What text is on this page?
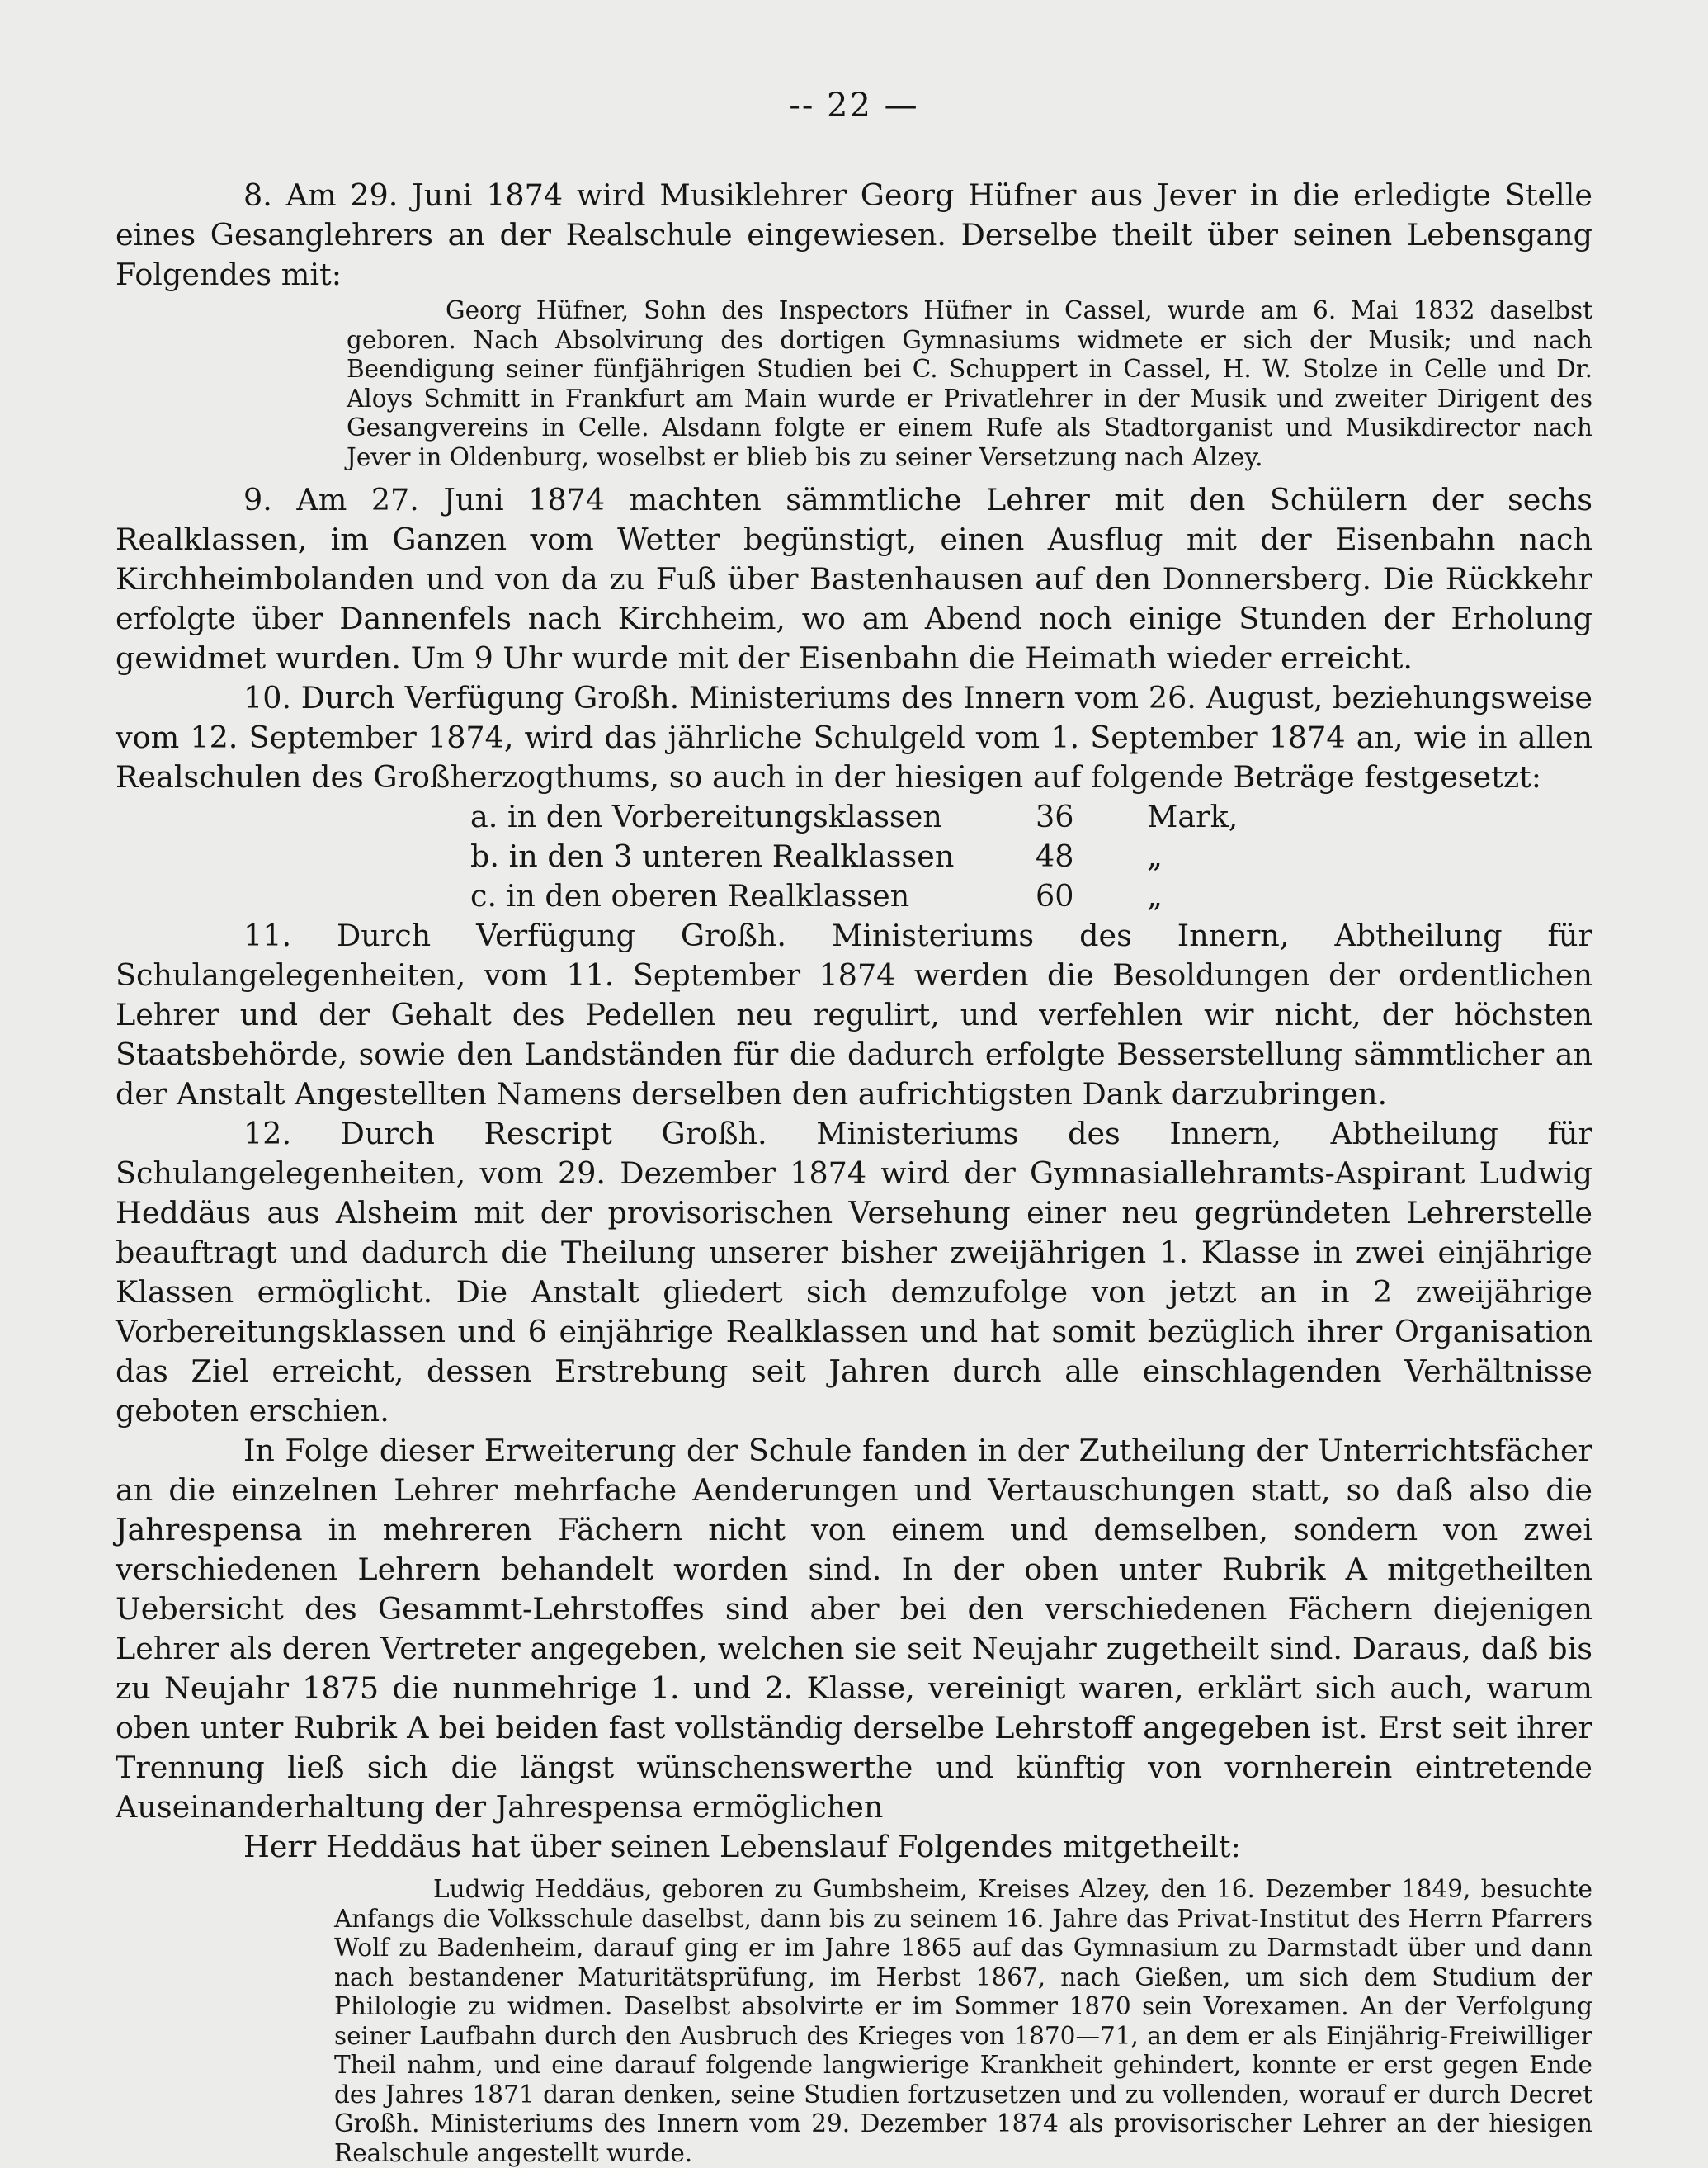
-- 22 —

8. Am 29. Juni 1874 wird Musiklehrer Georg Hüfner aus Jever in die erledigte Stelle eines Gesanglehrers an der Realschule eingewiesen. Derselbe theilt über seinen Lebensgang Folgendes mit:

Georg Hüfner, Sohn des Inspectors Hüfner in Cassel, wurde am 6. Mai 1832 daselbst geboren. Nach Absolvirung des dortigen Gymnasiums widmete er sich der Musik; und nach Beendigung seiner fünfjährigen Studien bei C. Schuppert in Cassel, H. W. Stolze in Celle und Dr. Aloys Schmitt in Frankfurt am Main wurde er Privatlehrer in der Musik und zweiter Dirigent des Gesangvereins in Celle. Alsdann folgte er einem Rufe als Stadtorganist und Musikdirector nach Jever in Oldenburg, woselbst er blieb bis zu seiner Versetzung nach Alzey.

9. Am 27. Juni 1874 machten sämmtliche Lehrer mit den Schülern der sechs Realklassen, im Ganzen vom Wetter begünstigt, einen Ausflug mit der Eisenbahn nach Kirchheimbolanden und von da zu Fuß über Bastenhausen auf den Donnersberg. Die Rückkehr erfolgte über Dannenfels nach Kirchheim, wo am Abend noch einige Stunden der Erholung gewidmet wurden. Um 9 Uhr wurde mit der Eisenbahn die Heimath wieder erreicht.

10. Durch Verfügung Großh. Ministeriums des Innern vom 26. August, beziehungsweise vom 12. September 1874, wird das jährliche Schulgeld vom 1. September 1874 an, wie in allen Realschulen des Großherzogthums, so auch in der hiesigen auf folgende Beträge festgesetzt:

a. in den Vorbereitungsklassen	36	Mark,
b. in den 3 unteren Realklassen	48	„
c. in den oberen Realklassen	60	„

11. Durch Verfügung Großh. Ministeriums des Innern, Abtheilung für Schulangelegenheiten, vom 11. September 1874 werden die Besoldungen der ordentlichen Lehrer und der Gehalt des Pedellen neu regulirt, und verfehlen wir nicht, der höchsten Staatsbehörde, sowie den Landständen für die dadurch erfolgte Besserstellung sämmtlicher an der Anstalt Angestellten Namens derselben den aufrichtigsten Dank darzubringen.

12. Durch Rescript Großh. Ministeriums des Innern, Abtheilung für Schulangelegenheiten, vom 29. Dezember 1874 wird der Gymnasiallehramts-Aspirant Ludwig Heddäus aus Alsheim mit der provisorischen Versehung einer neu gegründeten Lehrerstelle beauftragt und dadurch die Theilung unserer bisher zweijährigen 1. Klasse in zwei einjährige Klassen ermöglicht. Die Anstalt gliedert sich demzufolge von jetzt an in 2 zweijährige Vorbereitungsklassen und 6 einjährige Realklassen und hat somit bezüglich ihrer Organisation das Ziel erreicht, dessen Erstrebung seit Jahren durch alle einschlagenden Verhältnisse geboten erschien.

In Folge dieser Erweiterung der Schule fanden in der Zutheilung der Unterrichtsfächer an die einzelnen Lehrer mehrfache Aenderungen und Vertauschungen statt, so daß also die Jahrespensa in mehreren Fächern nicht von einem und demselben, sondern von zwei verschiedenen Lehrern behandelt worden sind. In der oben unter Rubrik A mitgetheilten Uebersicht des Gesammt-Lehrstoffes sind aber bei den verschiedenen Fächern diejenigen Lehrer als deren Vertreter angegeben, welchen sie seit Neujahr zugetheilt sind. Daraus, daß bis zu Neujahr 1875 die nunmehrige 1. und 2. Klasse, vereinigt waren, erklärt sich auch, warum oben unter Rubrik A bei beiden fast vollständig derselbe Lehrstoff angegeben ist. Erst seit ihrer Trennung ließ sich die längst wünschenswerthe und künftig von vornherein eintretende Auseinanderhaltung der Jahrespensa ermöglichen

Herr Heddäus hat über seinen Lebenslauf Folgendes mitgetheilt:

Ludwig Heddäus, geboren zu Gumbsheim, Kreises Alzey, den 16. Dezember 1849, besuchte Anfangs die Volksschule daselbst, dann bis zu seinem 16. Jahre das Privat-Institut des Herrn Pfarrers Wolf zu Badenheim, darauf ging er im Jahre 1865 auf das Gymnasium zu Darmstadt über und dann nach bestandener Maturitätsprüfung, im Herbst 1867, nach Gießen, um sich dem Studium der Philologie zu widmen. Daselbst absolvirte er im Sommer 1870 sein Vorexamen. An der Verfolgung seiner Laufbahn durch den Ausbruch des Krieges von 1870—71, an dem er als Einjährig-Freiwilliger Theil nahm, und eine darauf folgende langwierige Krankheit gehindert, konnte er erst gegen Ende des Jahres 1871 daran denken, seine Studien fortzusetzen und zu vollenden, worauf er durch Decret Großh. Ministeriums des Innern vom 29. Dezember 1874 als provisorischer Lehrer an der hiesigen Realschule angestellt wurde.
